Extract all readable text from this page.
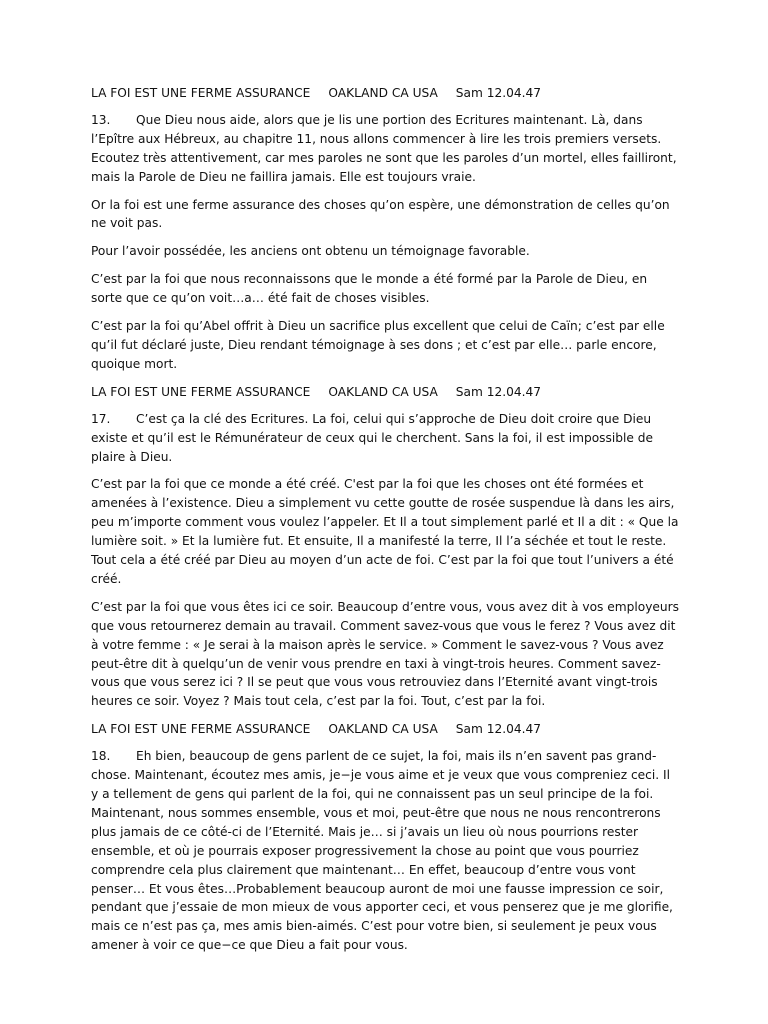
LA FOI EST UNE FERME ASSURANCE OAKLAND CA USA Sam 12.04.47

13. Que Dieu nous aide, alors que je lis une portion des Ecritures maintenant. Là, dans l’Epître aux Hébreux, au chapitre 11, nous allons commencer à lire les trois premiers versets. Ecoutez très attentivement, car mes paroles ne sont que les paroles d’un mortel, elles failliront, mais la Parole de Dieu ne faillira jamais. Elle est toujours vraie.

Or la foi est une ferme assurance des choses qu’on espère, une démonstration de celles qu’on ne voit pas.

Pour l’avoir possédée, les anciens ont obtenu un témoignage favorable.

C’est par la foi que nous reconnaissons que le monde a été formé par la Parole de Dieu, en sorte que ce qu’on voit…a… été fait de choses visibles.

C’est par la foi qu’Abel offrit à Dieu un sacrifice plus excellent que celui de Caïn; c’est par elle qu’il fut déclaré juste, Dieu rendant témoignage à ses dons ; et c’est par elle… parle encore, quoique mort.

LA FOI EST UNE FERME ASSURANCE OAKLAND CA USA Sam 12.04.47

17. C’est ça la clé des Ecritures. La foi, celui qui s’approche de Dieu doit croire que Dieu existe et qu’il est le Rémunérateur de ceux qui le cherchent. Sans la foi, il est impossible de plaire à Dieu.

C’est par la foi que ce monde a été créé. C'est par la foi que les choses ont été formées et amenées à l’existence. Dieu a simplement vu cette goutte de rosée suspendue là dans les airs, peu m’importe comment vous voulez l’appeler. Et Il a tout simplement parlé et Il a dit : « Que la lumière soit. » Et la lumière fut. Et ensuite, Il a manifesté la terre, Il l’a séchée et tout le reste. Tout cela a été créé par Dieu au moyen d’un acte de foi. C’est par la foi que tout l’univers a été créé.

C’est par la foi que vous êtes ici ce soir. Beaucoup d’entre vous, vous avez dit à vos employeurs que vous retournerez demain au travail. Comment savez-vous que vous le ferez ? Vous avez dit à votre femme : « Je serai à la maison après le service. » Comment le savez-vous ? Vous avez peut-être dit à quelqu’un de venir vous prendre en taxi à vingt-trois heures. Comment savez-vous que vous serez ici ? Il se peut que vous vous retrouviez dans l’Eternité avant vingt-trois heures ce soir. Voyez ? Mais tout cela, c’est par la foi. Tout, c’est par la foi.

LA FOI EST UNE FERME ASSURANCE OAKLAND CA USA Sam 12.04.47

18. Eh bien, beaucoup de gens parlent de ce sujet, la foi, mais ils n’en savent pas grand-chose. Maintenant, écoutez mes amis, je−je vous aime et je veux que vous compreniez ceci. Il y a tellement de gens qui parlent de la foi, qui ne connaissent pas un seul principe de la foi. Maintenant, nous sommes ensemble, vous et moi, peut-être que nous ne nous rencontrerons plus jamais de ce côté-ci de l’Eternité. Mais je… si j’avais un lieu où nous pourrions rester ensemble, et où je pourrais exposer progressivement la chose au point que vous pourriez comprendre cela plus clairement que maintenant… En effet, beaucoup d’entre vous vont penser… Et vous êtes…Probablement beaucoup auront de moi une fausse impression ce soir, pendant que j’essaie de mon mieux de vous apporter ceci, et vous penserez que je me glorifie, mais ce n’est pas ça, mes amis bien-aimés. C’est pour votre bien, si seulement je peux vous amener à voir ce que−ce que Dieu a fait pour vous.
